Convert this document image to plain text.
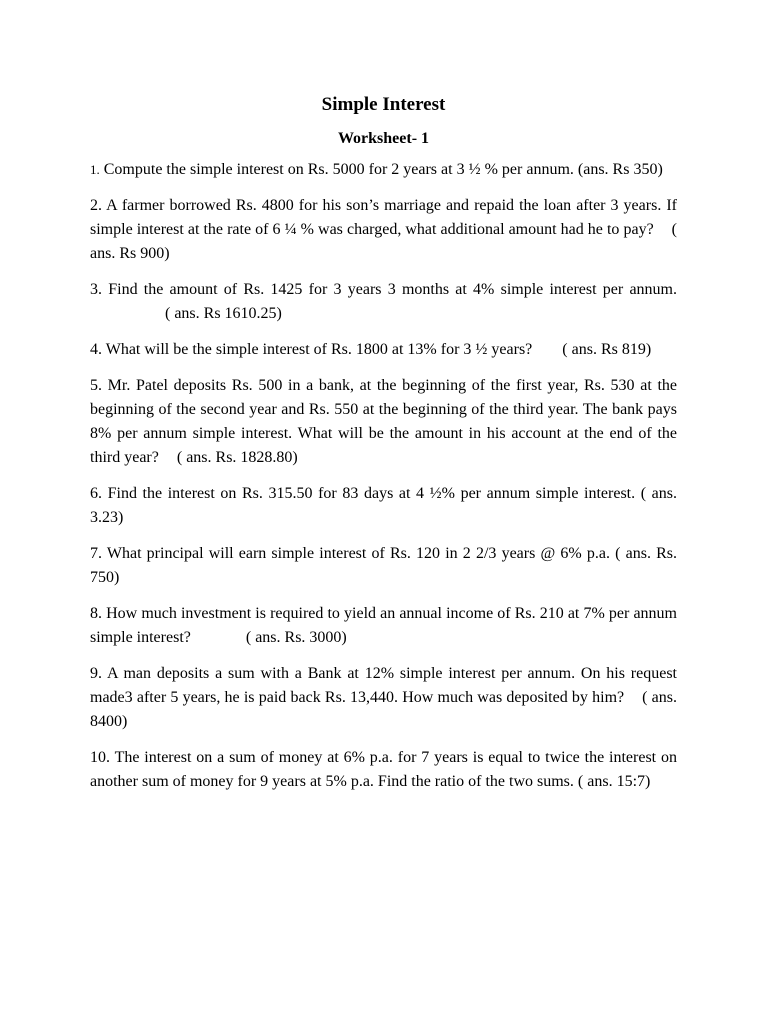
Simple Interest
Worksheet- 1

1. Compute the simple interest on Rs. 5000 for 2 years at 3 ½ % per annum. (ans. Rs 350)

2. A farmer borrowed Rs. 4800 for his son’s marriage and repaid the loan after 3 years. If simple interest at the rate of 6 ¼ % was charged, what additional amount had he to pay? ( ans. Rs 900)

3. Find the amount of Rs. 1425 for 3 years 3 months at 4% simple interest per annum.( ans. Rs 1610.25)

4. What will be the simple interest of Rs. 1800 at 13% for 3 ½ years? ( ans. Rs 819)

5. Mr. Patel deposits Rs. 500 in a bank, at the beginning of the first year, Rs. 530 at the beginning of the second year and Rs. 550 at the beginning of the third year. The bank pays 8% per annum simple interest. What will be the amount in his account at the end of the third year? ( ans. Rs. 1828.80)

6. Find the interest on Rs. 315.50 for 83 days at 4 ½% per annum simple interest. ( ans. 3.23)

7. What principal will earn simple interest of Rs. 120 in 2 2/3 years @ 6% p.a. ( ans. Rs. 750)

8. How much investment is required to yield an annual income of Rs. 210 at 7% per annum simple interest?	( ans. Rs. 3000)

9. A man deposits a sum with a Bank at 12% simple interest per annum. On his request made3 after 5 years, he is paid back Rs. 13,440. How much was deposited by him? ( ans. 8400)

10. The interest on a sum of money at 6% p.a. for 7 years is equal to twice the interest on another sum of money for 9 years at 5% p.a. Find the ratio of the two sums. ( ans. 15:7)
